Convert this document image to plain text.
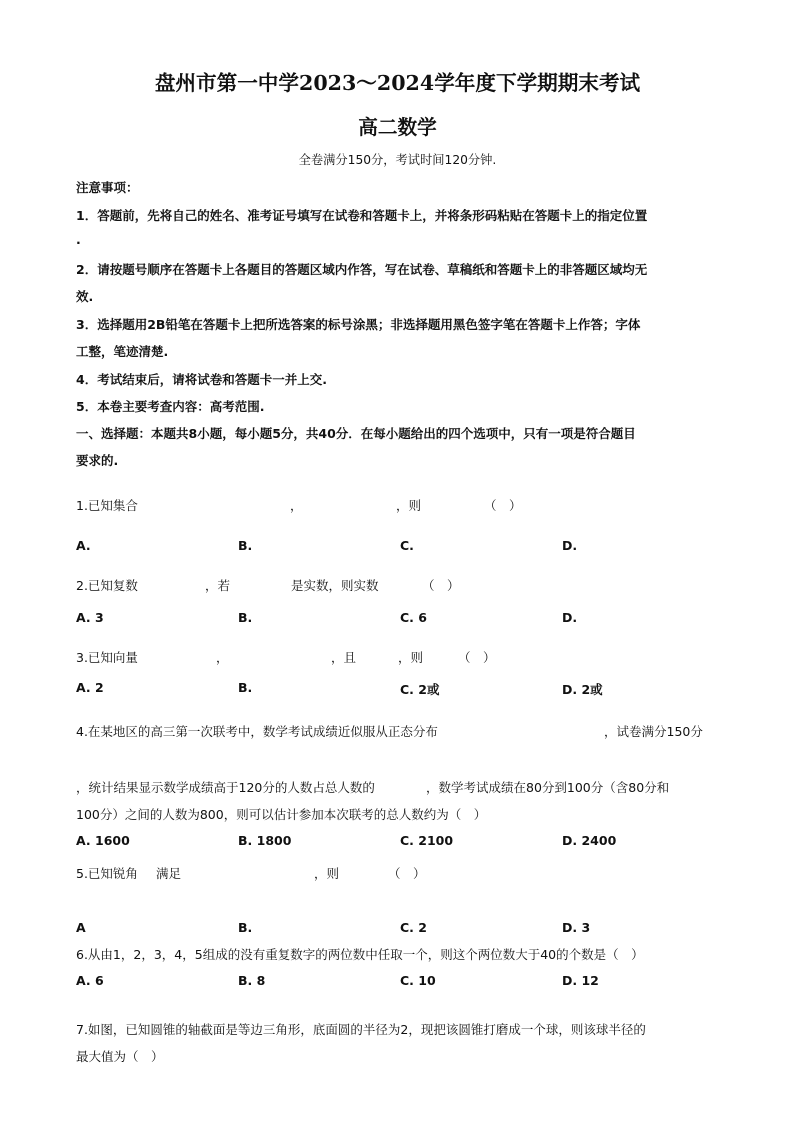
盘州市第一中学2023～2024学年度下学期期末考试
高二数学
全卷满分150分，考试时间120分钟.
注意事项：
1．答题前，先将自己的姓名、准考证号填写在试卷和答题卡上，并将条形码粘贴在答题卡上的指定位置
.
2．请按题号顺序在答题卡上各题目的答题区域内作答，写在试卷、草稿纸和答题卡上的非答题区域均无
效.
3．选择题用2B铅笔在答题卡上把所选答案的标号涂黑；非选择题用黑色签字笔在答题卡上作答；字体
工整，笔迹清楚.
4．考试结束后，请将试卷和答题卡一并上交.
5．本卷主要考查内容：高考范围.
一、选择题：本题共8小题，每小题5分，共40分．在每小题给出的四个选项中，只有一项是符合题目
要求的.
1.已知集合	，	，则	（　）
A.	B.	C.	D.
2.已知复数	，若	是实数，则实数	（　）
A. 3	B.	C. 6	D.
3.已知向量	，	，且	，则	（　）
A. 2	B.	C. 2或	D. 2或
4.在某地区的高三第一次联考中，数学考试成绩近似服从正态分布	，试卷满分150分
，统计结果显示数学成绩高于120分的人数占总人数的	，数学考试成绩在80分到100分（含80分和
100分）之间的人数为800，则可以估计参加本次联考的总人数约为（　）
A. 1600	B. 1800	C. 2100	D. 2400
5.已知锐角 满足	，则	（　）
A	B.	C. 2	D. 3
6.从由1，2，3，4，5组成的没有重复数字的两位数中任取一个，则这个两位数大于40的个数是（　）
A. 6	B. 8	C. 10	D. 12
7.如图，已知圆锥的轴截面是等边三角形，底面圆的半径为2，现把该圆锥打磨成一个球，则该球半径的
最大值为（　）
